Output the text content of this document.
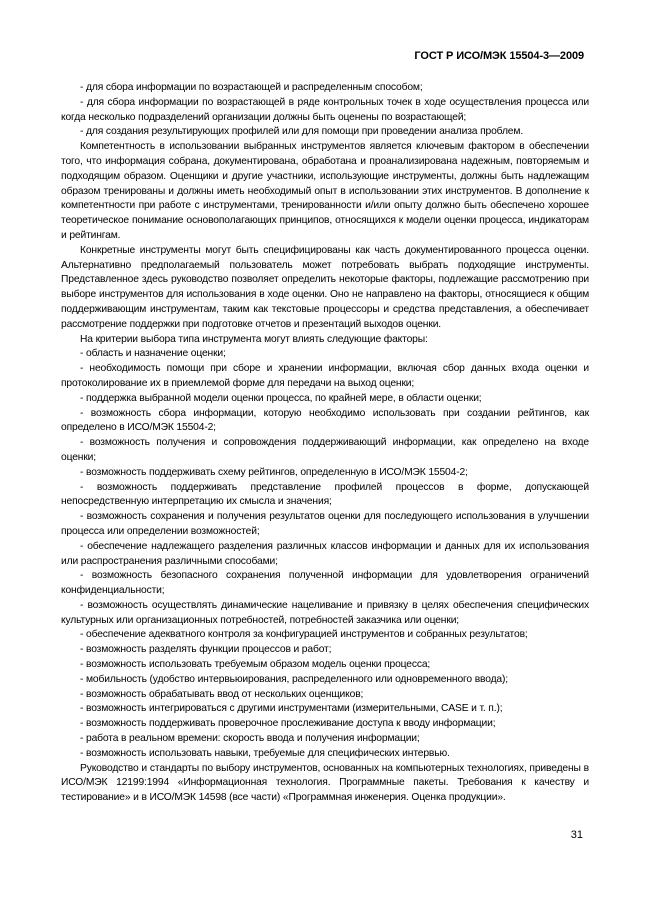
ГОСТ Р ИСО/МЭК 15504-3—2009

- для сбора информации по возрастающей и распределенным способом;

- для сбора информации по возрастающей в ряде контрольных точек в ходе осуществления процесса или когда несколько подразделений организации должны быть оценены по возрастающей;

- для создания результирующих профилей или для помощи при проведении анализа проблем.

Компетентность в использовании выбранных инструментов является ключевым фактором в обеспечении того, что информация собрана, документирована, обработана и проанализирована надежным, повторяемым и подходящим образом. Оценщики и другие участники, использующие инструменты, должны быть надлежащим образом тренированы и должны иметь необходимый опыт в использовании этих инструментов. В дополнение к компетентности при работе с инструментами, тренированности и/или опыту должно быть обеспечено хорошее теоретическое понимание основополагающих принципов, относящихся к модели оценки процесса, индикаторам и рейтингам.

Конкретные инструменты могут быть специфицированы как часть документированного процесса оценки. Альтернативно предполагаемый пользователь может потребовать выбрать подходящие инструменты. Представленное здесь руководство позволяет определить некоторые факторы, подлежащие рассмотрению при выборе инструментов для использования в ходе оценки. Оно не направлено на факторы, относящиеся к общим поддерживающим инструментам, таким как текстовые процессоры и средства представления, а обеспечивает рассмотрение поддержки при подготовке отчетов и презентаций выходов оценки.

На критерии выбора типа инструмента могут влиять следующие факторы:

- область и назначение оценки;

- необходимость помощи при сборе и хранении информации, включая сбор данных входа оценки и протоколирование их в приемлемой форме для передачи на выход оценки;

- поддержка выбранной модели оценки процесса, по крайней мере, в области оценки;

- возможность сбора информации, которую необходимо использовать при создании рейтингов, как определено в ИСО/МЭК 15504-2;

- возможность получения и сопровождения поддерживающий информации, как определено на входе оценки;

- возможность поддерживать схему рейтингов, определенную в ИСО/МЭК 15504-2;

- возможность поддерживать представление профилей процессов в форме, допускающей непосредственную интерпретацию их смысла и значения;

- возможность сохранения и получения результатов оценки для последующего использования в улучшении процесса или определении возможностей;

- обеспечение надлежащего разделения различных классов информации и данных для их использования или распространения различными способами;

- возможность безопасного сохранения полученной информации для удовлетворения ограничений конфиденциальности;

- возможность осуществлять динамические нацеливание и привязку в целях обеспечения специфических культурных или организационных потребностей, потребностей заказчика или оценки;

- обеспечение адекватного контроля за конфигурацией инструментов и собранных результатов;

- возможность разделять функции процессов и работ;

- возможность использовать требуемым образом модель оценки процесса;

- мобильность (удобство интервьюирования, распределенного или одновременного ввода);

- возможность обрабатывать ввод от нескольких оценщиков;

- возможность интегрироваться с другими инструментами (измерительными, CASE и т. п.);

- возможность поддерживать проверочное прослеживание доступа к вводу информации;

- работа в реальном времени: скорость ввода и получения информации;

- возможность использовать навыки, требуемые для специфических интервью.

Руководство и стандарты по выбору инструментов, основанных на компьютерных технологиях, приведены в ИСО/МЭК 12199:1994 «Информационная технология. Программные пакеты. Требования к качеству и тестирование» и в ИСО/МЭК 14598 (все части) «Программная инженерия. Оценка продукции».

31
